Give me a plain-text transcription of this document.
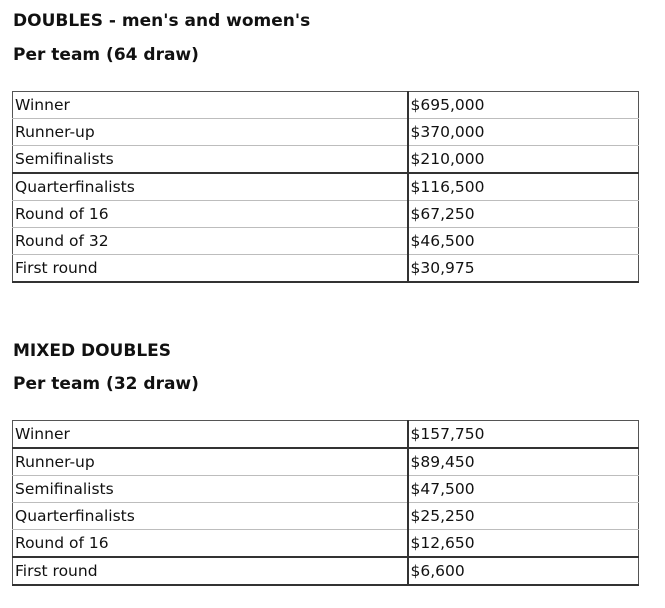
DOUBLES - men's and women's
Per team (64 draw)
Winner	$695,000
Runner-up	$370,000
Semifinalists	$210,000
Quarterfinalists	$116,500
Round of 16	$67,250
Round of 32	$46,500
First round	$30,975
MIXED DOUBLES
Per team (32 draw)
Winner	$157,750
Runner-up	$89,450
Semifinalists	$47,500
Quarterfinalists	$25,250
Round of 16	$12,650
First round	$6,600
